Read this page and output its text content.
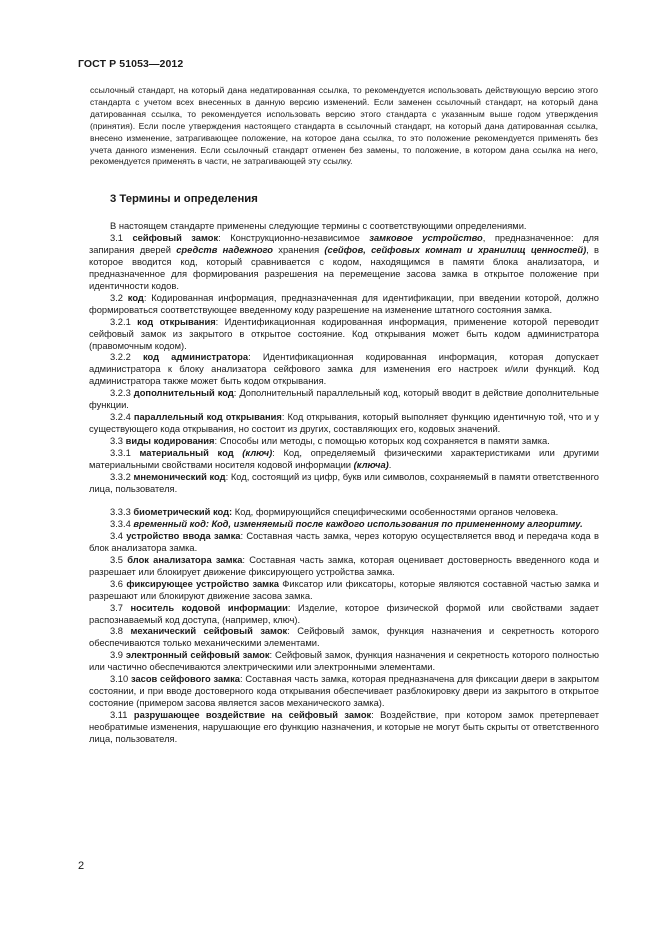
ГОСТ Р 51053—2012
ссылочный стандарт, на который дана недатированная ссылка, то рекомендуется использовать действующую версию этого стандарта с учетом всех внесенных в данную версию изменений. Если заменен ссылочный стандарт, на который дана датированная ссылка, то рекомендуется использовать версию этого стандарта с указанным выше годом утверждения (принятия). Если после утверждения настоящего стандарта в ссылочный стандарт, на который дана датированная ссылка, внесено изменение, затрагивающее положение, на которое дана ссылка, то это положение рекомендуется применять без учета данного изменения. Если ссылочный стандарт отменен без замены, то положение, в котором дана ссылка на него, рекомендуется применять в части, не затрагивающей эту ссылку.
3 Термины и определения

В настоящем стандарте применены следующие термины с соответствующими определениями.

3.1 сейфовый замок: Конструкционно-независимое замковое устройство, предназначенное: для запирания дверей средств надежного хранения (сейфов, сейфовых комнат и хранилищ ценностей), в которое вводится код, который сравнивается с кодом, находящимся в памяти блока анализатора, и предназначенное для формирования разрешения на перемещение засова замка в открытое положение при идентичности кодов.

3.2 код: Кодированная информация, предназначенная для идентификации, при введении которой, должно формироваться соответствующее введенному коду разрешение на изменение штатного состояния замка.

3.2.1 код открывания: Идентификационная кодированная информация, применение которой переводит сейфовый замок из закрытого в открытое состояние. Код открывания может быть кодом администратора (правомочным кодом).

3.2.2 код администратора: Идентификационная кодированная информация, которая допускает администратора к блоку анализатора сейфового замка для изменения его настроек и/или функций. Код администратора также может быть кодом открывания.

3.2.3 дополнительный код: Дополнительный параллельный код, который вводит в действие дополнительные функции.

3.2.4 параллельный код открывания: Код открывания, который выполняет функцию идентичную той, что и у существующего кода открывания, но состоит из других, составляющих его, кодовых значений.

3.3 виды кодирования: Способы или методы, с помощью которых код сохраняется в памяти замка.

3.3.1 материальный код (ключ): Код, определяемый физическими характеристиками или другими материальными свойствами носителя кодовой информации (ключа).

3.3.2 мнемонический код: Код, состоящий из цифр, букв или символов, сохраняемый в памяти ответственного лица, пользователя.

3.3.3 биометрический код: Код, формирующийся специфическими особенностями органов человека.

3.3.4 временный код: Код, изменяемый после каждого использования по примененному алгоритму.

3.4 устройство ввода замка: Составная часть замка, через которую осуществляется ввод и передача кода в блок анализатора замка.

3.5 блок анализатора замка: Составная часть замка, которая оценивает достоверность введенного кода и разрешает или блокирует движение фиксирующего устройства замка.

3.6 фиксирующее устройство замка Фиксатор или фиксаторы, которые являются составной частью замка и разрешают или блокируют движение засова замка.

3.7 носитель кодовой информации: Изделие, которое физической формой или свойствами задает распознаваемый код доступа, (например, ключ).

3.8 механический сейфовый замок: Сейфовый замок, функция назначения и секретность которого обеспечиваются только механическими элементами.

3.9 электронный сейфовый замок: Сейфовый замок, функция назначения и секретность которого полностью или частично обеспечиваются электрическими или электронными элементами.

3.10 засов сейфового замка: Составная часть замка, которая предназначена для фиксации двери в закрытом состоянии, и при вводе достоверного кода открывания обеспечивает разблокировку двери из закрытого в открытое состояние (примером засова является засов механического замка).

3.11 разрушающее воздействие на сейфовый замок: Воздействие, при котором замок претерпевает необратимые изменения, нарушающие его функцию назначения, и которые не могут быть скрыты от ответственного лица, пользователя.

2
